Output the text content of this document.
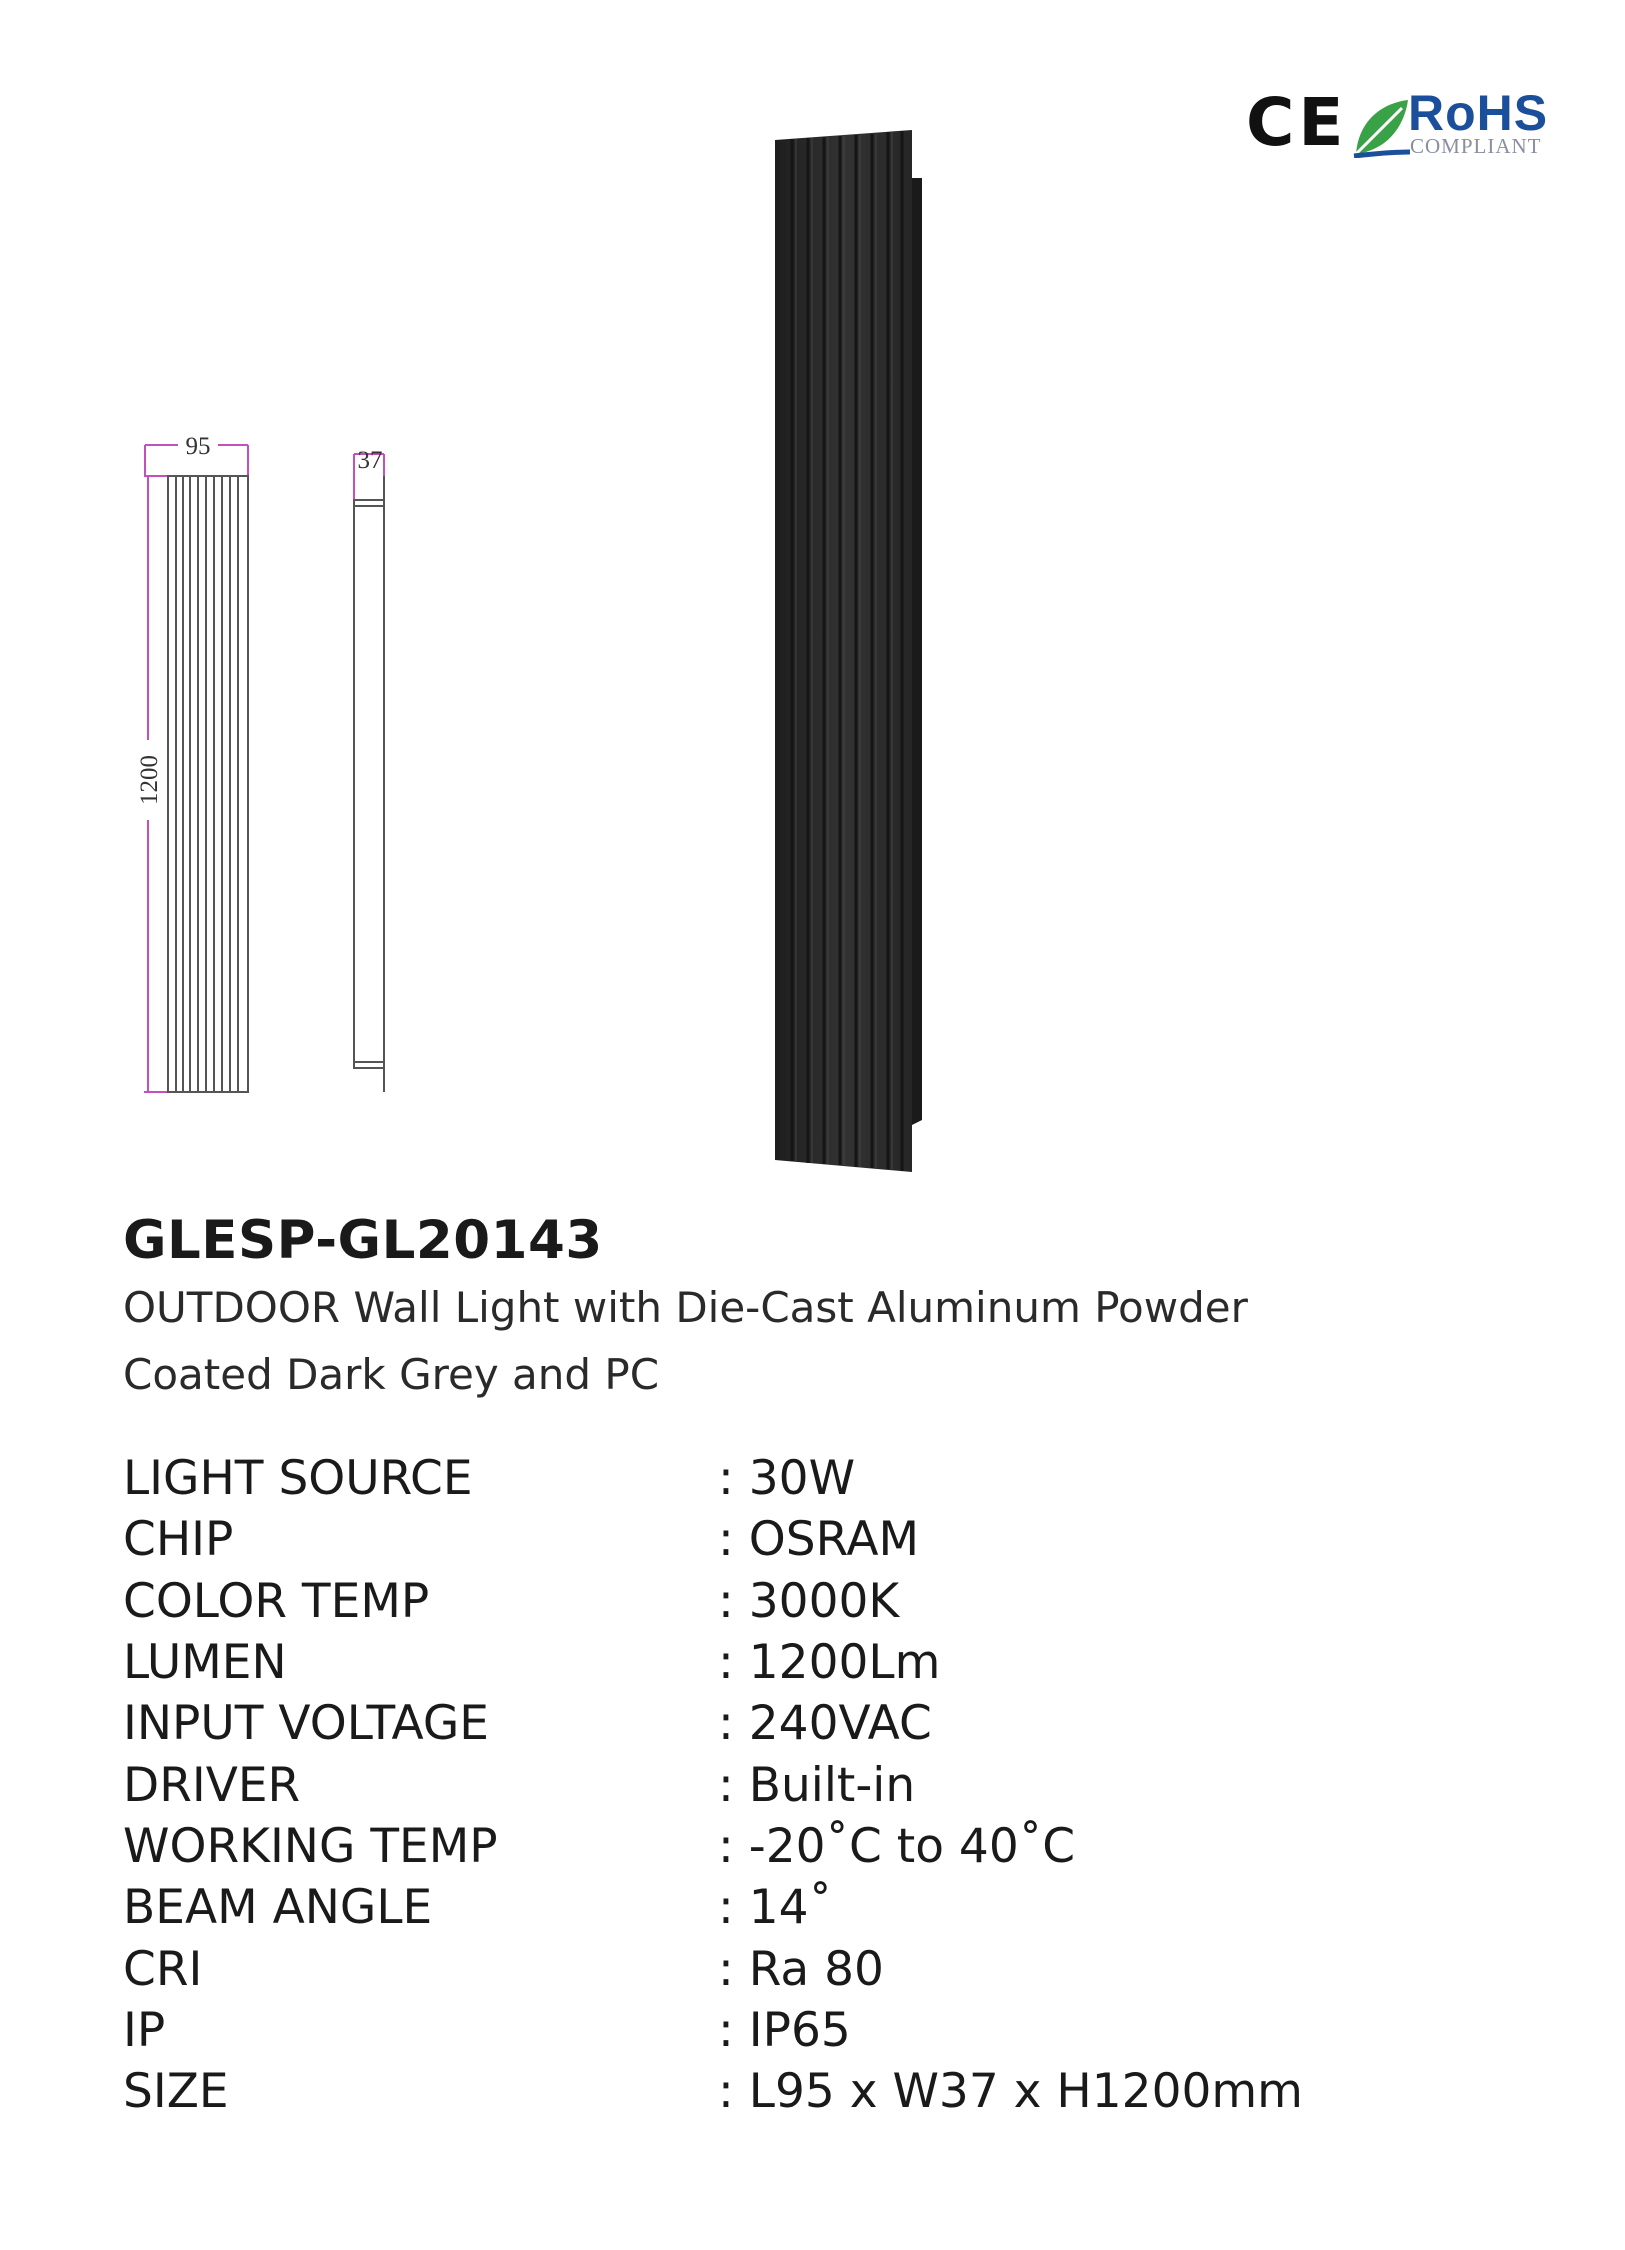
CE RoHS
COMPLIANT
95
1200
37
GLESP-GL20143
OUTDOOR Wall Light with Die-Cast Aluminum Powder
Coated Dark Grey and PC
LIGHT SOURCE	: 30W
CHIP	: OSRAM
COLOR TEMP	: 3000K
LUMEN	: 1200Lm
INPUT VOLTAGE	: 240VAC
DRIVER	: Built-in
WORKING TEMP	: -20˚C to 40˚C
BEAM ANGLE	: 14˚
CRI	: Ra 80
IP	: IP65
SIZE	: L95 x W37 x H1200mm
